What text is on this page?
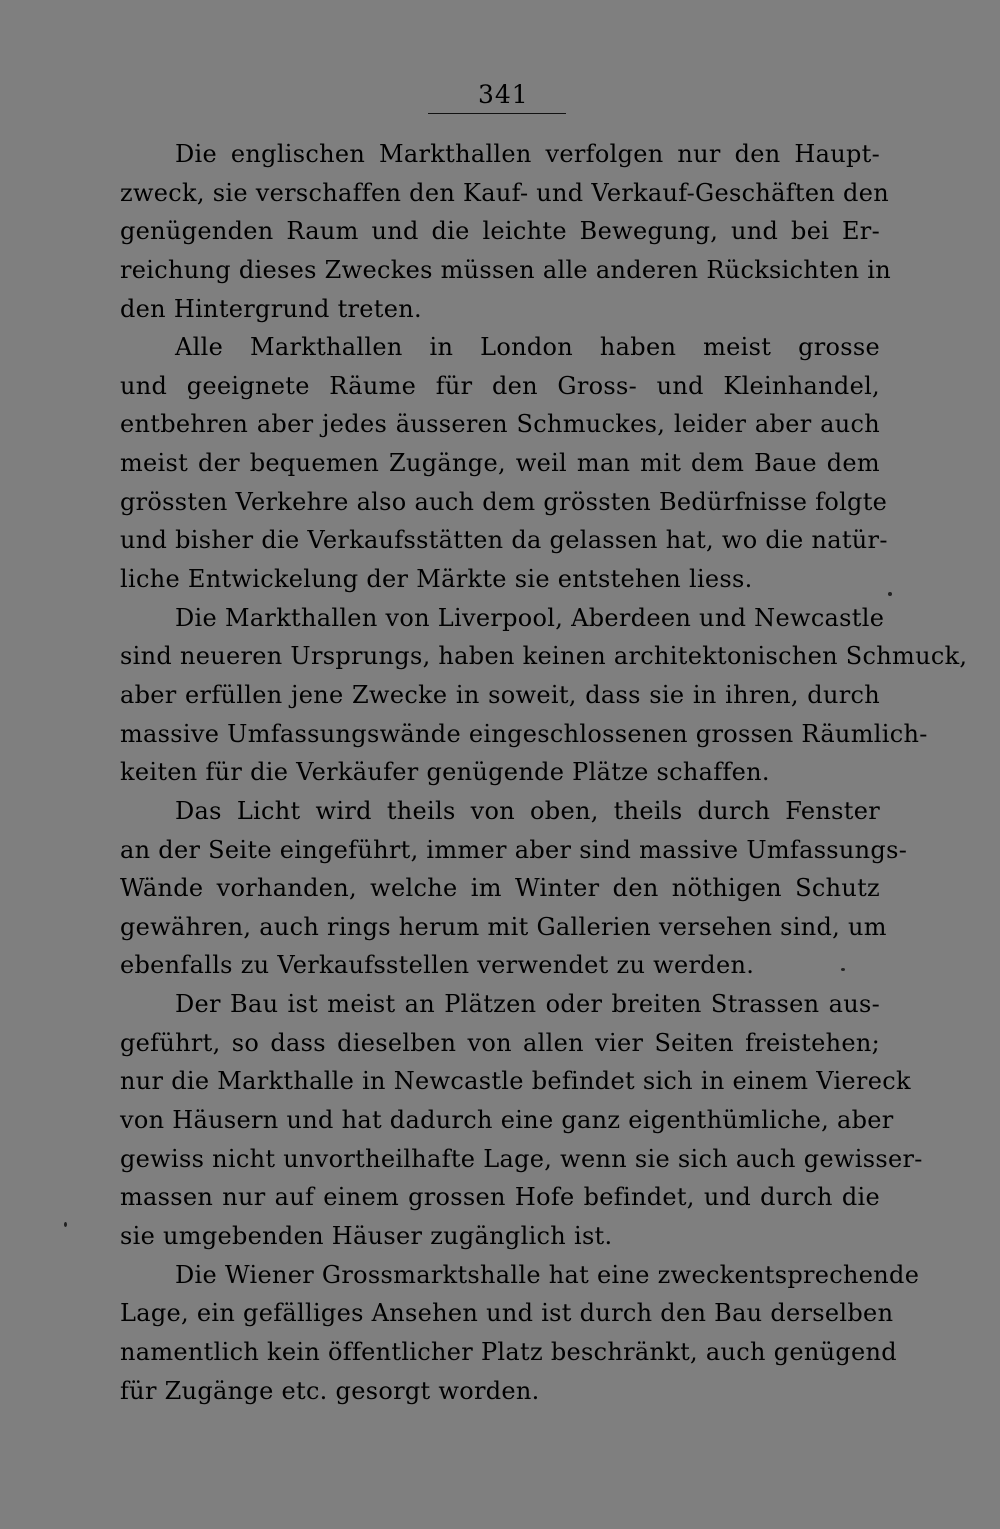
341
Die englischen Markthallen verfolgen nur den Haupt-
zweck, sie verschaffen den Kauf- und Verkauf-Geschäften den
genügenden Raum und die leichte Bewegung, und bei Er-
reichung dieses Zweckes müssen alle anderen Rücksichten in
den Hintergrund treten.
Alle Markthallen in London haben meist grosse
und geeignete Räume für den Gross- und Kleinhandel,
entbehren aber jedes äusseren Schmuckes, leider aber auch
meist der bequemen Zugänge, weil man mit dem Baue dem
grössten Verkehre also auch dem grössten Bedürfnisse folgte
und bisher die Verkaufsstätten da gelassen hat, wo die natür-
liche Entwickelung der Märkte sie entstehen liess.
Die Markthallen von Liverpool, Aberdeen und Newcastle
sind neueren Ursprungs, haben keinen architektonischen Schmuck,
aber erfüllen jene Zwecke in soweit, dass sie in ihren, durch
massive Umfassungswände eingeschlossenen grossen Räumlich-
keiten für die Verkäufer genügende Plätze schaffen.
Das Licht wird theils von oben, theils durch Fenster
an der Seite eingeführt, immer aber sind massive Umfassungs-
Wände vorhanden, welche im Winter den nöthigen Schutz
gewähren, auch rings herum mit Gallerien versehen sind, um
ebenfalls zu Verkaufsstellen verwendet zu werden.
Der Bau ist meist an Plätzen oder breiten Strassen aus-
geführt, so dass dieselben von allen vier Seiten freistehen;
nur die Markthalle in Newcastle befindet sich in einem Viereck
von Häusern und hat dadurch eine ganz eigenthümliche, aber
gewiss nicht unvortheilhafte Lage, wenn sie sich auch gewisser-
massen nur auf einem grossen Hofe befindet, und durch die
sie umgebenden Häuser zugänglich ist.
Die Wiener Grossmarktshalle hat eine zweckentsprechende
Lage, ein gefälliges Ansehen und ist durch den Bau derselben
namentlich kein öffentlicher Platz beschränkt, auch genügend
für Zugänge etc. gesorgt worden.
